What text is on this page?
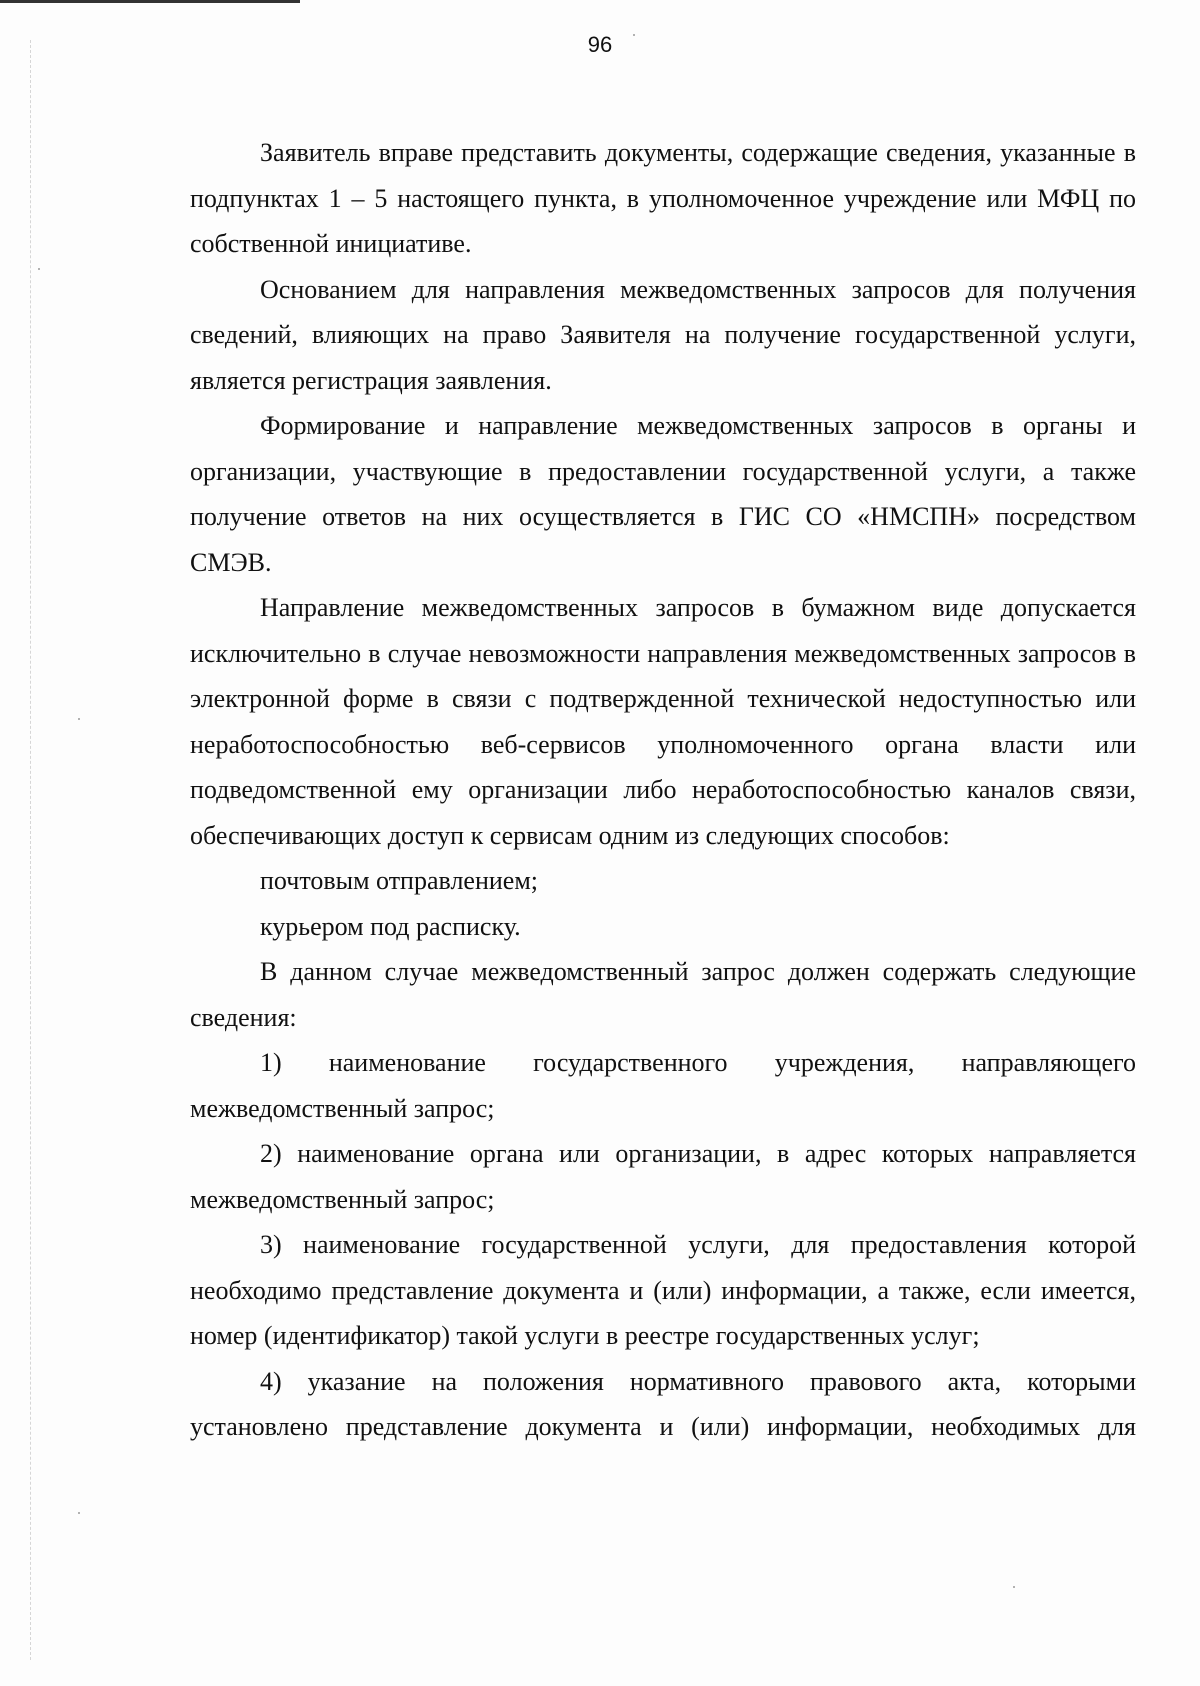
96

Заявитель вправе представить документы, содержащие сведения, указанные в подпунктах 1 – 5 настоящего пункта, в уполномоченное учреждение или МФЦ по собственной инициативе.

Основанием для направления межведомственных запросов для получения сведений, влияющих на право Заявителя на получение государственной услуги, является регистрация заявления.

Формирование и направление межведомственных запросов в органы и организации, участвующие в предоставлении государственной услуги, а также получение ответов на них осуществляется в ГИС СО «НМСПН» посредством СМЭВ.

Направление межведомственных запросов в бумажном виде допускается исключительно в случае невозможности направления межведомственных запросов в электронной форме в связи с подтвержденной технической недоступностью или неработоспособностью веб-сервисов уполномоченного органа власти или подведомственной ему организации либо неработоспособностью каналов связи, обеспечивающих доступ к сервисам одним из следующих способов:

почтовым отправлением;

курьером под расписку.

В данном случае межведомственный запрос должен содержать следующие сведения:

1) наименование государственного учреждения, направляющего межведомственный запрос;

2) наименование органа или организации, в адрес которых направляется межведомственный запрос;

3) наименование государственной услуги, для предоставления которой необходимо представление документа и (или) информации, а также, если имеется, номер (идентификатор) такой услуги в реестре государственных услуг;

4) указание на положения нормативного правового акта, которыми установлено представление документа и (или) информации, необходимых для
